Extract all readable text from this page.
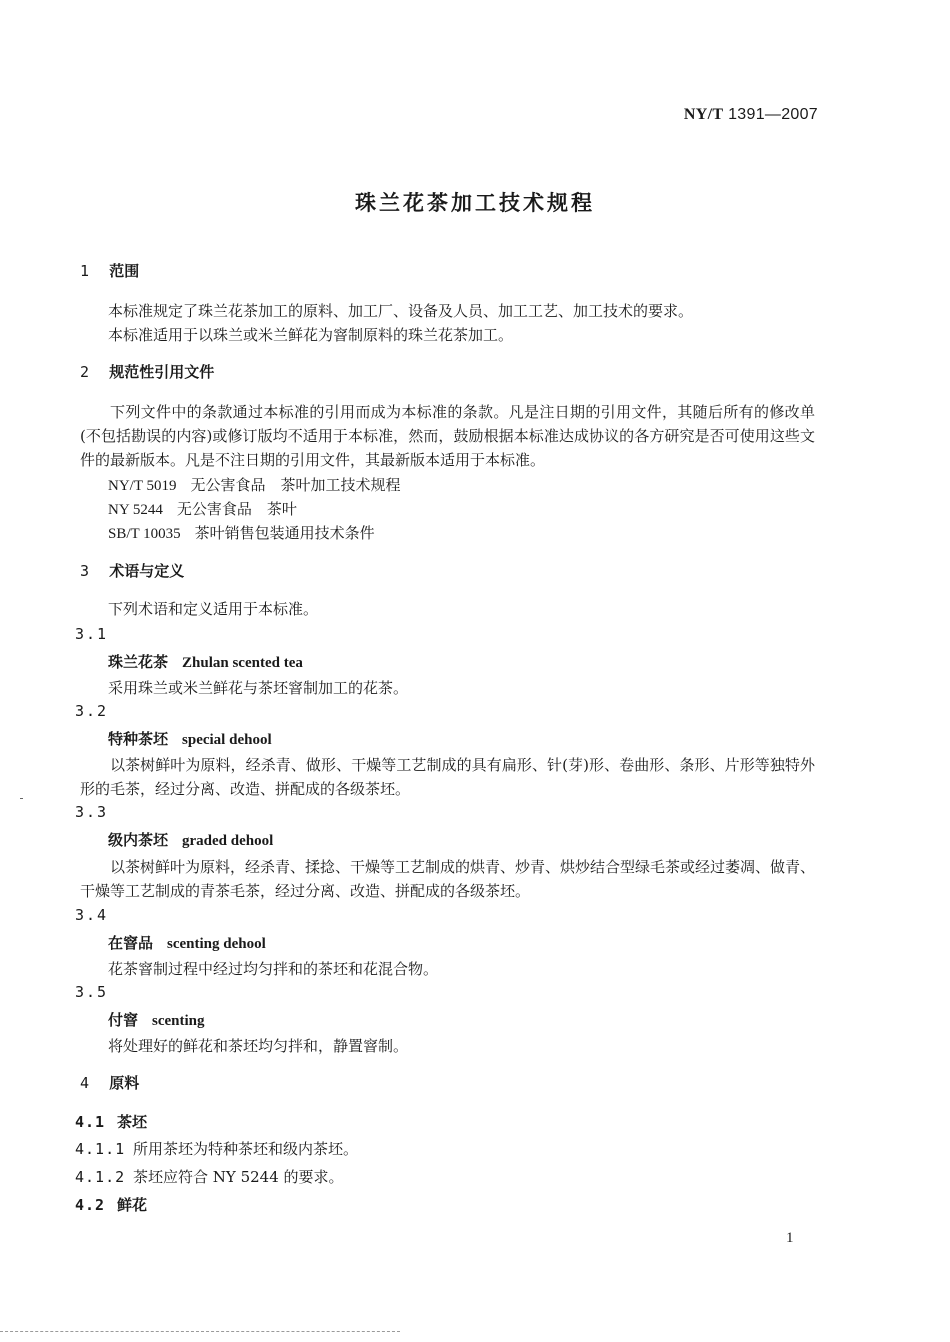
NY/T 1391—2007
珠兰花茶加工技术规程
1 范围
本标准规定了珠兰花茶加工的原料、加工厂、设备及人员、加工工艺、加工技术的要求。
本标准适用于以珠兰或米兰鲜花为窨制原料的珠兰花茶加工。
2 规范性引用文件
下列文件中的条款通过本标准的引用而成为本标准的条款。凡是注日期的引用文件，其随后所有的修改单(不包括勘误的内容)或修订版均不适用于本标准，然而，鼓励根据本标准达成协议的各方研究是否可使用这些文件的最新版本。凡是不注日期的引用文件，其最新版本适用于本标准。
NY/T 5019 无公害食品　茶叶加工技术规程
NY 5244 无公害食品　茶叶
SB/T 10035 茶叶销售包装通用技术条件
3 术语与定义
下列术语和定义适用于本标准。
3.1
珠兰花茶 Zhulan scented tea
采用珠兰或米兰鲜花与茶坯窨制加工的花茶。
3.2
特种茶坯 special dehool
以茶树鲜叶为原料，经杀青、做形、干燥等工艺制成的具有扁形、针(芽)形、卷曲形、条形、片形等独特外形的毛茶，经过分离、改造、拼配成的各级茶坯。
3.3
级内茶坯 graded dehool
以茶树鲜叶为原料，经杀青、揉捻、干燥等工艺制成的烘青、炒青、烘炒结合型绿毛茶或经过萎凋、做青、干燥等工艺制成的青茶毛茶，经过分离、改造、拼配成的各级茶坯。
3.4
在窨品 scenting dehool
花茶窨制过程中经过均匀拌和的茶坯和花混合物。
3.5
付窨 scenting
将处理好的鲜花和茶坯均匀拌和，静置窨制。
4 原料
4.1 茶坯
4.1.1 所用茶坯为特种茶坯和级内茶坯。
4.1.2 茶坯应符合 NY 5244 的要求。
4.2 鲜花
1
